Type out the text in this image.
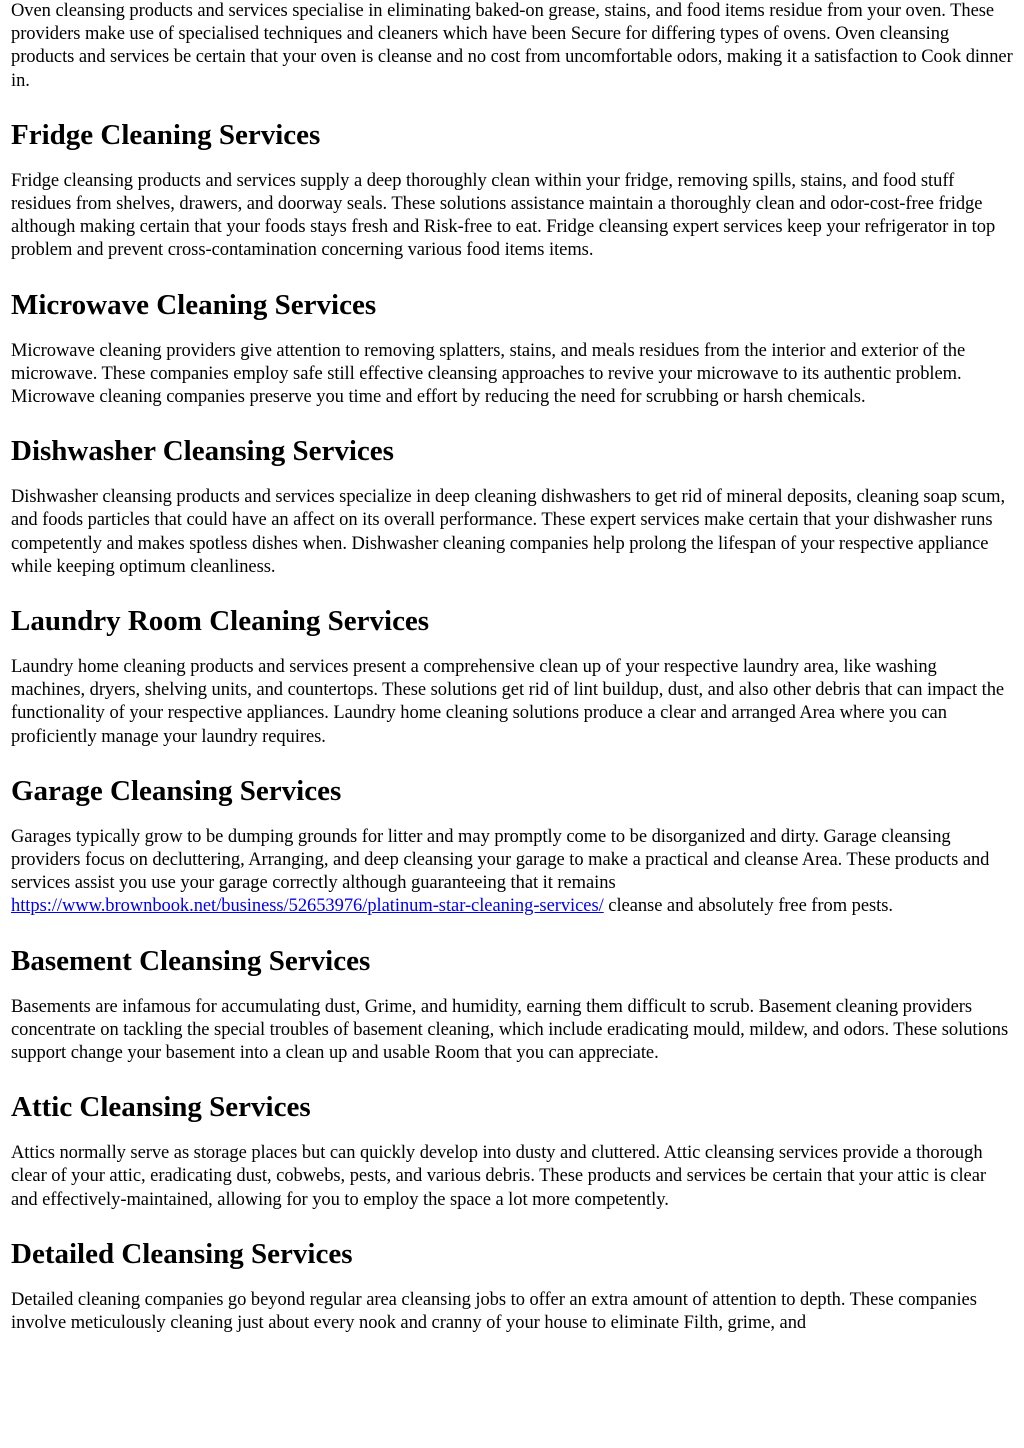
Oven cleansing products and services specialise in eliminating baked-on grease, stains, and food items residue from your oven. These providers make use of specialised techniques and cleaners which have been Secure for differing types of ovens. Oven cleansing products and services be certain that your oven is cleanse and no cost from uncomfortable odors, making it a satisfaction to Cook dinner in.

Fridge Cleaning Services

Fridge cleansing products and services supply a deep thoroughly clean within your fridge, removing spills, stains, and food stuff residues from shelves, drawers, and doorway seals. These solutions assistance maintain a thoroughly clean and odor-cost-free fridge although making certain that your foods stays fresh and Risk-free to eat. Fridge cleansing expert services keep your refrigerator in top problem and prevent cross-contamination concerning various food items items.

Microwave Cleaning Services

Microwave cleaning providers give attention to removing splatters, stains, and meals residues from the interior and exterior of the microwave. These companies employ safe still effective cleansing approaches to revive your microwave to its authentic problem. Microwave cleaning companies preserve you time and effort by reducing the need for scrubbing or harsh chemicals.

Dishwasher Cleansing Services

Dishwasher cleansing products and services specialize in deep cleaning dishwashers to get rid of mineral deposits, cleaning soap scum, and foods particles that could have an affect on its overall performance. These expert services make certain that your dishwasher runs competently and makes spotless dishes when. Dishwasher cleaning companies help prolong the lifespan of your respective appliance while keeping optimum cleanliness.

Laundry Room Cleaning Services

Laundry home cleaning products and services present a comprehensive clean up of your respective laundry area, like washing machines, dryers, shelving units, and countertops. These solutions get rid of lint buildup, dust, and also other debris that can impact the functionality of your respective appliances. Laundry home cleaning solutions produce a clear and arranged Area where you can proficiently manage your laundry requires.

Garage Cleansing Services

Garages typically grow to be dumping grounds for litter and may promptly come to be disorganized and dirty. Garage cleansing providers focus on decluttering, Arranging, and deep cleansing your garage to make a practical and cleanse Area. These products and services assist you use your garage correctly although guaranteeing that it remains https://www.brownbook.net/business/52653976/platinum-star-cleaning-services/ cleanse and absolutely free from pests.

Basement Cleansing Services

Basements are infamous for accumulating dust, Grime, and humidity, earning them difficult to scrub. Basement cleaning providers concentrate on tackling the special troubles of basement cleaning, which include eradicating mould, mildew, and odors. These solutions support change your basement into a clean up and usable Room that you can appreciate.

Attic Cleansing Services

Attics normally serve as storage places but can quickly develop into dusty and cluttered. Attic cleansing services provide a thorough clear of your attic, eradicating dust, cobwebs, pests, and various debris. These products and services be certain that your attic is clear and effectively-maintained, allowing for you to employ the space a lot more competently.

Detailed Cleansing Services

Detailed cleaning companies go beyond regular area cleansing jobs to offer an extra amount of attention to depth. These companies involve meticulously cleaning just about every nook and cranny of your house to eliminate Filth, grime, and
